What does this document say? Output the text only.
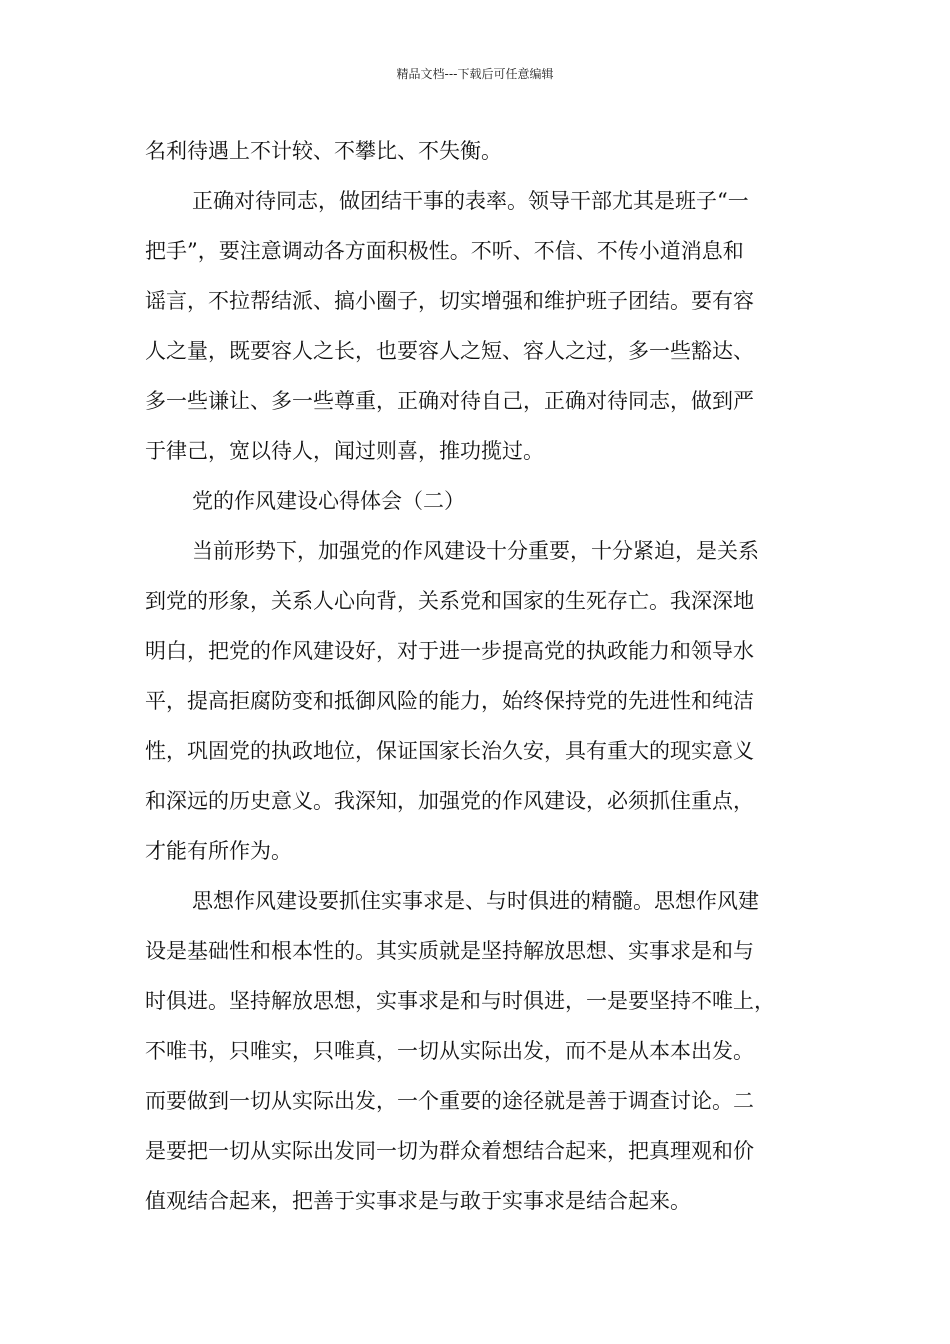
精品文档---下载后可任意编辑
名利待遇上不计较、不攀比、不失衡。
正确对待同志，做团结干事的表率。领导干部尤其是班子“一
把手”，要注意调动各方面积极性。不听、不信、不传小道消息和
谣言，不拉帮结派、搞小圈子，切实增强和维护班子团结。要有容
人之量，既要容人之长，也要容人之短、容人之过，多一些豁达、
多一些谦让、多一些尊重，正确对待自己，正确对待同志，做到严
于律己，宽以待人，闻过则喜，推功揽过。
党的作风建设心得体会（二）
当前形势下，加强党的作风建设十分重要，十分紧迫，是关系
到党的形象，关系人心向背，关系党和国家的生死存亡。我深深地
明白，把党的作风建设好，对于进一步提高党的执政能力和领导水
平，提高拒腐防变和抵御风险的能力，始终保持党的先进性和纯洁
性，巩固党的执政地位，保证国家长治久安，具有重大的现实意义
和深远的历史意义。我深知，加强党的作风建设，必须抓住重点，
才能有所作为。
思想作风建设要抓住实事求是、与时俱进的精髓。思想作风建
设是基础性和根本性的。其实质就是坚持解放思想、实事求是和与
时俱进。坚持解放思想，实事求是和与时俱进，一是要坚持不唯上，
不唯书，只唯实，只唯真，一切从实际出发，而不是从本本出发。
而要做到一切从实际出发，一个重要的途径就是善于调查讨论。二
是要把一切从实际出发同一切为群众着想结合起来，把真理观和价
值观结合起来，把善于实事求是与敢于实事求是结合起来。
